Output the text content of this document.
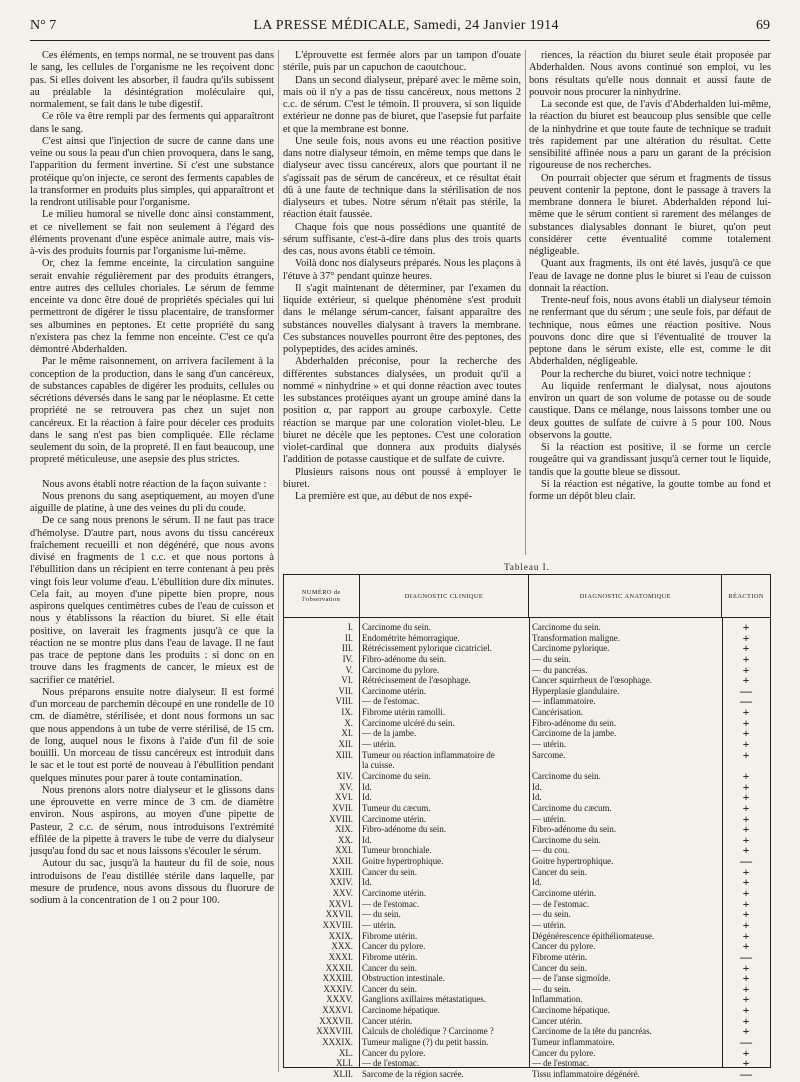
N° 7	LA PRESSE MÉDICALE, Samedi, 24 Janvier 1914	69

Ces éléments, en temps normal, ne se trouvent pas dans le sang, les cellules de l'organisme ne les reçoivent donc pas. Si elles doivent les absorber, il faudra qu'ils subissent au préalable la désintégration moléculaire qui, normalement, se fait dans le tube digestif.

Ce rôle va être rempli par des ferments qui apparaîtront dans le sang.

C'est ainsi que l'injection de sucre de canne dans une veine ou sous la peau d'un chien provoquera, dans le sang, l'apparition du ferment invertine. Si c'est une substance protéique qu'on injecte, ce seront des ferments capables de la transformer en produits plus simples, qui apparaîtront et la rendront utilisable pour l'organisme.

Le milieu humoral se nivelle donc ainsi constamment, et ce nivellement se fait non seulement à l'égard des éléments provenant d'une espèce animale autre, mais vis-à-vis des produits fournis par l'organisme lui-même.

Or, chez la femme enceinte, la circulation sanguine serait envahie régulièrement par des produits étrangers, entre autres des cellules choriales. Le sérum de femme enceinte va donc être doué de propriétés spéciales qui lui permettront de digérer le tissu placentaire, de transformer ses albumines en peptones. Et cette propriété du sang n'existera pas chez la femme non enceinte. C'est ce qu'a démontré Abderhalden.

Par le même raisonnement, on arrivera facilement à la conception de la production, dans le sang d'un cancéreux, de substances capables de digérer les produits, cellules ou sécrétions déversés dans le sang par le néoplasme. Et cette propriété ne se retrouvera pas chez un sujet non cancéreux. Et la réaction à faire pour déceler ces produits dans le sang n'est pas bien compliquée. Elle réclame seulement du soin, de la propreté. Il en faut beaucoup, une propreté méticuleuse, une asepsie des plus strictes.

Nous avons établi notre réaction de la façon suivante :

Nous prenons du sang aseptiquement, au moyen d'une aiguille de platine, à une des veines du pli du coude.

De ce sang nous prenons le sérum. Il ne faut pas trace d'hémolyse. D'autre part, nous avons du tissu cancéreux fraîchement recueilli et non dégénéré, que nous avons divisé en fragments de 1 c.c. et que nous portons à l'ébullition dans un récipient en terre contenant à peu près vingt fois leur volume d'eau. L'ébullition dure dix minutes. Cela fait, au moyen d'une pipette bien propre, nous aspirons quelques centimètres cubes de l'eau de cuisson et nous y établissons la réaction du biuret. Si elle était positive, on laverait les fragments jusqu'à ce que la réaction ne se montre plus dans l'eau de lavage. Il ne faut pas trace de peptone dans les produits : si donc on en trouve dans les fragments de cancer, le mieux est de sacrifier ce matériel.

Nous préparons ensuite notre dialyseur. Il est formé d'un morceau de parchemin découpé en une rondelle de 10 cm. de diamètre, stérilisée, et dont nous formons un sac que nous appendons à un tube de verre stérilisé, de 15 cm. de long, auquel nous le fixons à l'aide d'un fil de soie bouilli. Un morceau de tissu cancéreux est introduit dans le sac et le tout est porté de nouveau à l'ébullition pendant quelques minutes pour parer à toute contamination.

Nous prenons alors notre dialyseur et le glissons dans une éprouvette en verre mince de 3 cm. de diamètre environ. Nous aspirons, au moyen d'une pipette de Pasteur, 2 c.c. de sérum, nous introduisons l'extrémité effilée de la pipette à travers le tube de verre du dialyseur jusqu'au fond du sac et nous laissons s'écouler le sérum.

Autour du sac, jusqu'à la hauteur du fil de soie, nous introduisons de l'eau distillée stérile dans laquelle, par mesure de prudence, nous avons dissous du fluorure de sodium à la concentration de 1 ou 2 pour 100.

L'éprouvette est fermée alors par un tampon d'ouate stérile, puis par un capuchon de caoutchouc.

Dans un second dialyseur, préparé avec le même soin, mais où il n'y a pas de tissu cancéreux, nous mettons 2 c.c. de sérum. C'est le témoin. Il prouvera, si son liquide extérieur ne donne pas de biuret, que l'asepsie fut parfaite et que la membrane est bonne.

Une seule fois, nous avons eu une réaction positive dans notre dialyseur témoin, en même temps que dans le dialyseur avec tissu cancéreux, alors que pourtant il ne s'agissait pas de sérum de cancéreux, et ce résultat était dû à une faute de technique dans la stérilisation de nos dialyseurs et tubes. Notre sérum n'était pas stérile, la réaction était faussée.

Chaque fois que nous possédions une quantité de sérum suffisante, c'est-à-dire dans plus des trois quarts des cas, nous avons établi ce témoin.

Voilà donc nos dialyseurs préparés. Nous les plaçons à l'étuve à 37° pendant quinze heures.

Il s'agit maintenant de déterminer, par l'examen du liquide extérieur, si quelque phénomène s'est produit dans le mélange sérum-cancer, faisant apparaître des substances nouvelles dialysant à travers la membrane. Ces substances nouvelles pourront être des peptones, des polypeptides, des acides aminés.

Abderhalden préconise, pour la recherche des différentes substances dialysées, un produit qu'il a nommé « ninhydrine » et qui donne réaction avec toutes les substances protéiques ayant un groupe aminé dans la position α, par rapport au groupe carboxyle. Cette réaction se marque par une coloration violet-bleu. Le biuret ne décèle que les peptones. C'est une coloration violet-cardinal que donnera aux produits dialysés l'addition de potasse caustique et de sulfate de cuivre.

Plusieurs raisons nous ont poussé à employer le biuret.

La première est que, au début de nos expé-

riences, la réaction du biuret seule était proposée par Abderhalden. Nous avons continué son emploi, vu les bons résultats qu'elle nous donnait et aussi faute de pouvoir nous procurer la ninhydrine.

La seconde est que, de l'avis d'Abderhalden lui-même, la réaction du biuret est beaucoup plus sensible que celle de la ninhydrine et que toute faute de technique se traduit très rapidement par une altération du résultat. Cette sensibilité affinée nous a paru un garant de la précision rigoureuse de nos recherches.

On pourrait objecter que sérum et fragments de tissus peuvent contenir la peptone, dont le passage à travers la membrane donnera le biuret. Abderhalden répond lui-même que le sérum contient si rarement des mélanges de substances dialysables donnant le biuret, qu'on peut considérer cette éventualité comme totalement négligeable.

Quant aux fragments, ils ont été lavés, jusqu'à ce que l'eau de lavage ne donne plus le biuret si l'eau de cuisson donnait la réaction.

Trente-neuf fois, nous avons établi un dialyseur témoin ne renfermant que du sérum ; une seule fois, par défaut de technique, nous eûmes une réaction positive. Nous pouvons donc dire que si l'éventualité de trouver la peptone dans le sérum existe, elle est, comme le dit Abderhalden, négligeable.

Pour la recherche du biuret, voici notre technique :

Au liquide renfermant le dialysat, nous ajoutons environ un quart de son volume de potasse ou de soude caustique. Dans ce mélange, nous laissons tomber une ou deux gouttes de sulfate de cuivre à 5 pour 100. Nous observons la goutte.

Si la réaction est positive, il se forme un cercle rougeâtre qui va grandissant jusqu'à cerner tout le liquide, tandis que la goutte bleue se dissout.

Si la réaction est négative, la goutte tombe au fond et forme un dépôt bleu clair.

Tableau I.
NUMÉRO de l'observation	DIAGNOSTIC CLINIQUE	DIAGNOSTIC ANATOMIQUE	RÉACTION
I.	Carcinome du sein.	Carcinome du sein.	+
II.	Endométrite hémorragique.	Transformation maligne.	+
III.	Rétrécissement pylorique cicatriciel.	Carcinome pylorique.	+
IV.	Fibro-adénome du sein.	— du sein.	+
V.	Carcinome du pylore.	— du pancréas.	+
VI.	Rétrécissement de l'œsophage.	Cancer squirrheux de l'œsophage.	+
VII.	Carcinome utérin.	Hyperplasie glandulaire.	—
VIII.	— de l'estomac.	— inflammatoire.	—
IX.	Fibrome utérin ramolli.	Cancérisation.	+
X.	Carcinome ulcéré du sein.	Fibro-adénome du sein.	+
XI.	— de la jambe.	Carcinome de la jambe.	+
XII.	— utérin.	— utérin.	+
XIII.	Tumeur ou réaction inflammatoire de	Sarcome.	+
la cuisse.
XIV.	Carcinome du sein.	Carcinome du sein.	+
XV.	Id.	Id.	+
XVI.	Id.	Id.	+
XVII.	Tumeur du cæcum.	Carcinome du cæcum.	+
XVIII.	Carcinome utérin.	— utérin.	+
XIX.	Fibro-adénome du sein.	Fibro-adénome du sein.	+
XX.	Id.	Carcinome du sein.	+
XXI.	Tumeur bronchiale.	— du cou.	+
XXII.	Goitre hypertrophique.	Goitre hypertrophique.	—
XXIII.	Cancer du sein.	Cancer du sein.	+
XXIV.	Id.	Id.	+
XXV.	Carcinome utérin.	Carcinome utérin.	+
XXVI.	— de l'estomac.	— de l'estomac.	+
XXVII.	— du sein.	— du sein.	+
XXVIII.	— utérin.	— utérin.	+
XXIX.	Fibrome utérin.	Dégénérescence épithéliomateuse.	+
XXX.	Cancer du pylore.	Cancer du pylore.	+
XXXI.	Fibrome utérin.	Fibrome utérin.	—
XXXII.	Cancer du sein.	Cancer du sein.	+
XXXIII.	Obstruction intestinale.	— de l'anse sigmoïde.	+
XXXIV.	Cancer du sein.	— du sein.	+
XXXV.	Ganglions axillaires métastatiques.	Inflammation.	+
XXXVI.	Carcinome hépatique.	Carcinome hépatique.	+
XXXVII.	Cancer utérin.	Cancer utérin.	+
XXXVIII.	Calculs de cholédique ? Carcinome ?	Carcinome de la tête du pancréas.	+
XXXIX.	Tumeur maligne (?) du petit bassin.	Tumeur inflammatoire.	—
XL.	Cancer du pylore.	Cancer du pylore.	+
XLI.	— de l'estomac.	— de l'estomac.	+
XLII.	Sarcome de la région sacrée.	Tissu inflammatoire dégénéré.	—
